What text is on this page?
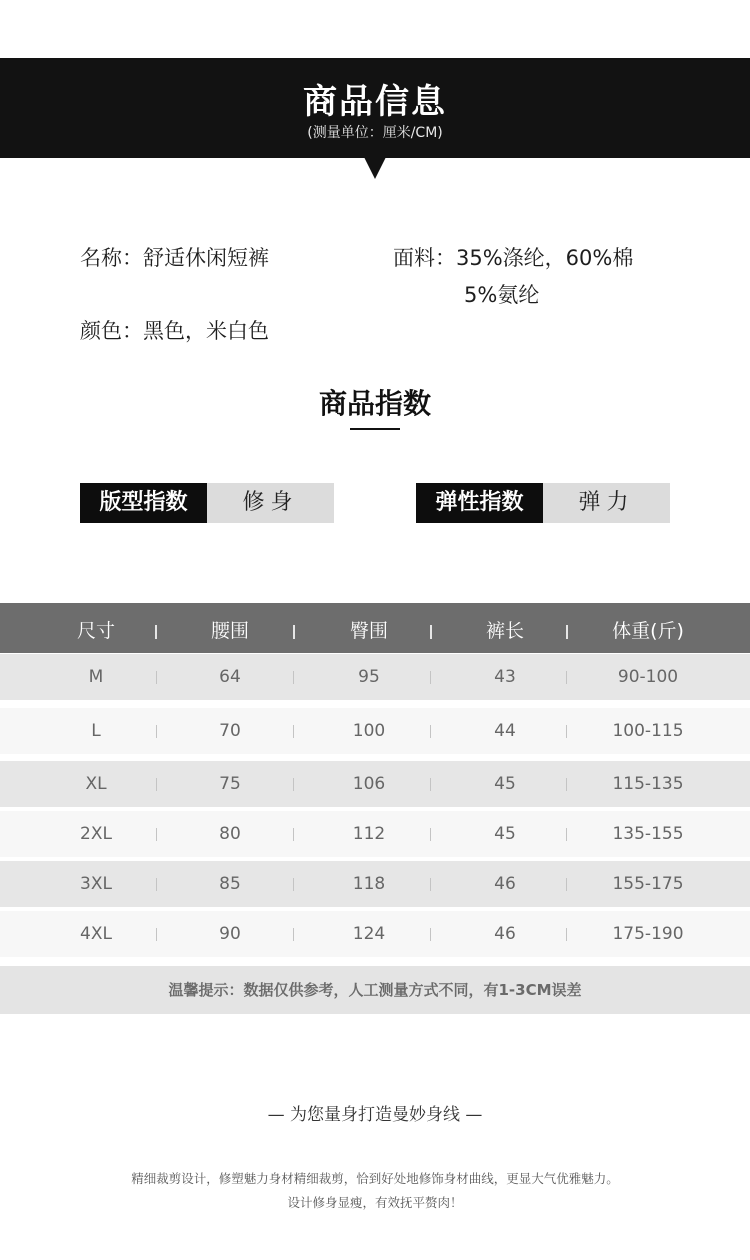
商品信息
(测量单位：厘米/CM)
名称：舒适休闲短裤	面料：35%涤纶，60%棉
5%氨纶
颜色：黑色，米白色
商品指数
版型指数	修身	弹性指数	弹力
尺寸	腰围	臀围	裤长	体重(斤)
M	64	95	43	90-100
L	70	100	44	100-115
XL	75	106	45	115-135
2XL	80	112	45	135-155
3XL	85	118	46	155-175
4XL	90	124	46	175-190
温馨提示：数据仅供参考，人工测量方式不同，有1-3CM误差
— 为您量身打造曼妙身线 —
精细裁剪设计，修塑魅力身材精细裁剪，恰到好处地修饰身材曲线，更显大气优雅魅力。
设计修身显瘦，有效抚平赘肉！
